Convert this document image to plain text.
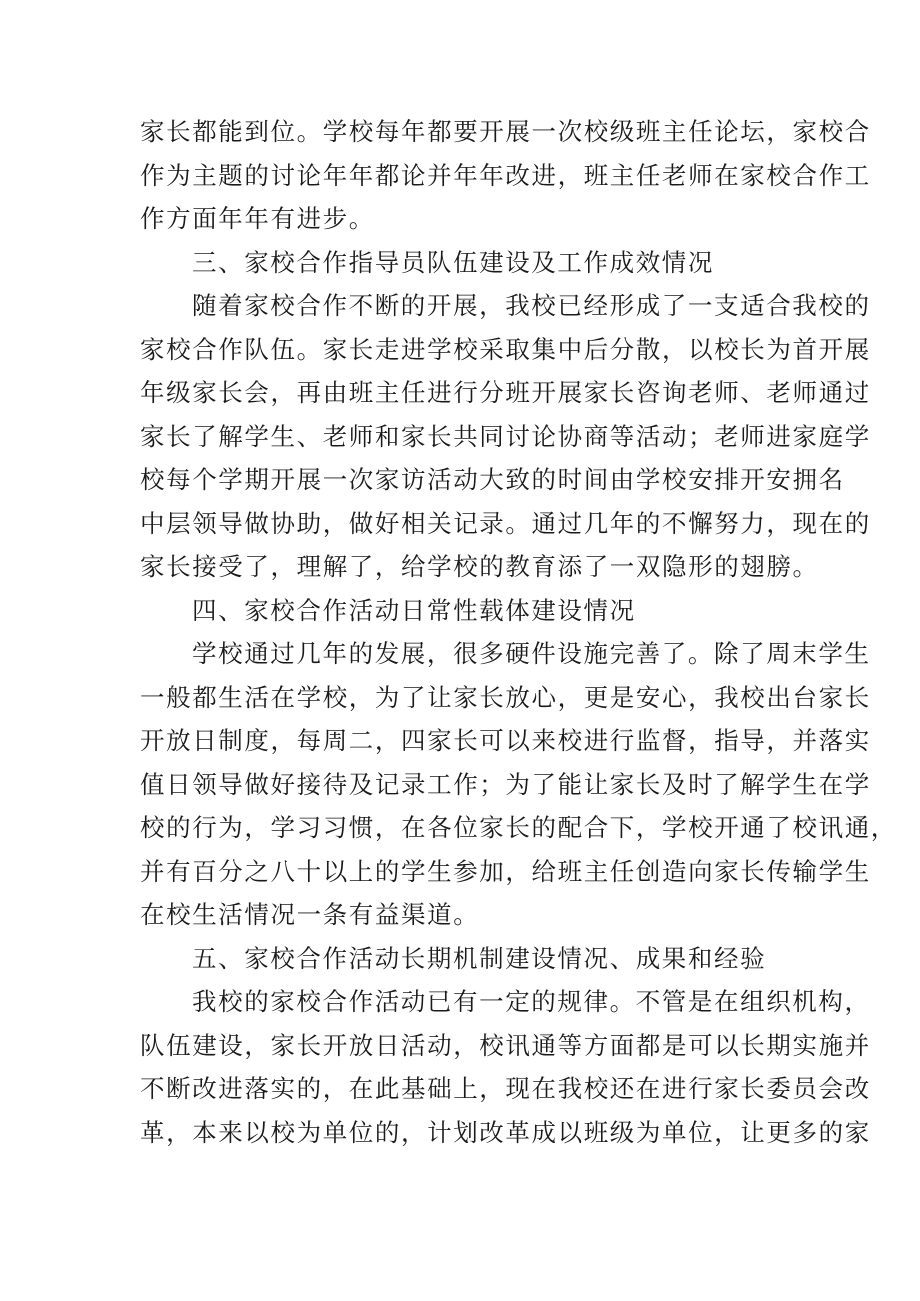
家长都能到位。学校每年都要开展一次校级班主任论坛，家校合
作为主题的讨论年年都论并年年改进，班主任老师在家校合作工
作方面年年有进步。
三、家校合作指导员队伍建设及工作成效情况
随着家校合作不断的开展，我校已经形成了一支适合我校的
家校合作队伍。家长走进学校采取集中后分散，以校长为首开展
年级家长会，再由班主任进行分班开展家长咨询老师、老师通过
家长了解学生、老师和家长共同讨论协商等活动；老师进家庭学
校每个学期开展一次家访活动大致的时间由学校安排开安拥名
中层领导做协助，做好相关记录。通过几年的不懈努力，现在的
家长接受了，理解了，给学校的教育添了一双隐形的翅膀。
四、家校合作活动日常性载体建设情况
学校通过几年的发展，很多硬件设施完善了。除了周末学生
一般都生活在学校，为了让家长放心，更是安心，我校出台家长
开放日制度，每周二，四家长可以来校进行监督，指导，并落实
值日领导做好接待及记录工作；为了能让家长及时了解学生在学
校的行为，学习习惯，在各位家长的配合下，学校开通了校讯通，
并有百分之八十以上的学生参加，给班主任创造向家长传输学生
在校生活情况一条有益渠道。
五、家校合作活动长期机制建设情况、成果和经验
我校的家校合作活动已有一定的规律。不管是在组织机构，
队伍建设，家长开放日活动，校讯通等方面都是可以长期实施并
不断改进落实的，在此基础上，现在我校还在进行家长委员会改
革，本来以校为单位的，计划改革成以班级为单位，让更多的家
